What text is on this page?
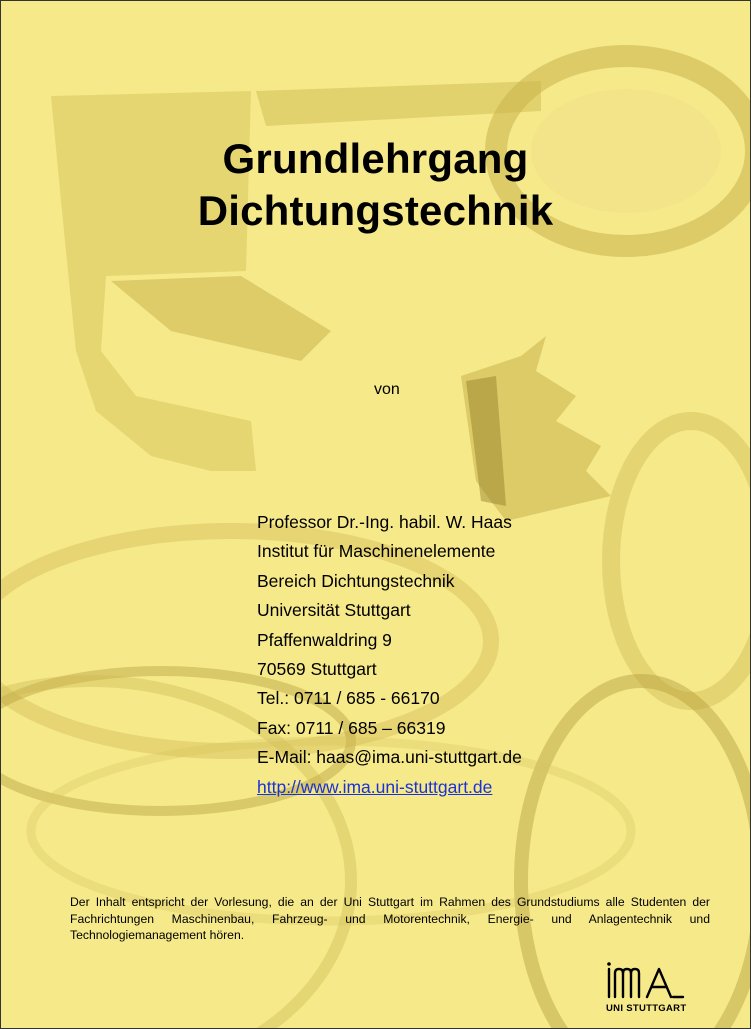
Grundlehrgang
Dichtungstechnik
von
Professor Dr.-Ing. habil. W. Haas
Institut für Maschinenelemente
Bereich Dichtungstechnik
Universität Stuttgart
Pfaffenwaldring 9
70569 Stuttgart
Tel.: 0711 / 685 - 66170
Fax: 0711 / 685 – 66319
E-Mail: haas@ima.uni-stuttgart.de
http://www.ima.uni-stuttgart.de
Der Inhalt entspricht der Vorlesung, die an der Uni Stuttgart im Rahmen des Grundstudiums alle Studenten der Fachrichtungen Maschinenbau, Fahrzeug- und Motorentechnik, Energie- und Anlagentechnik und Technologiemanagement hören.
UNI STUTTGART
